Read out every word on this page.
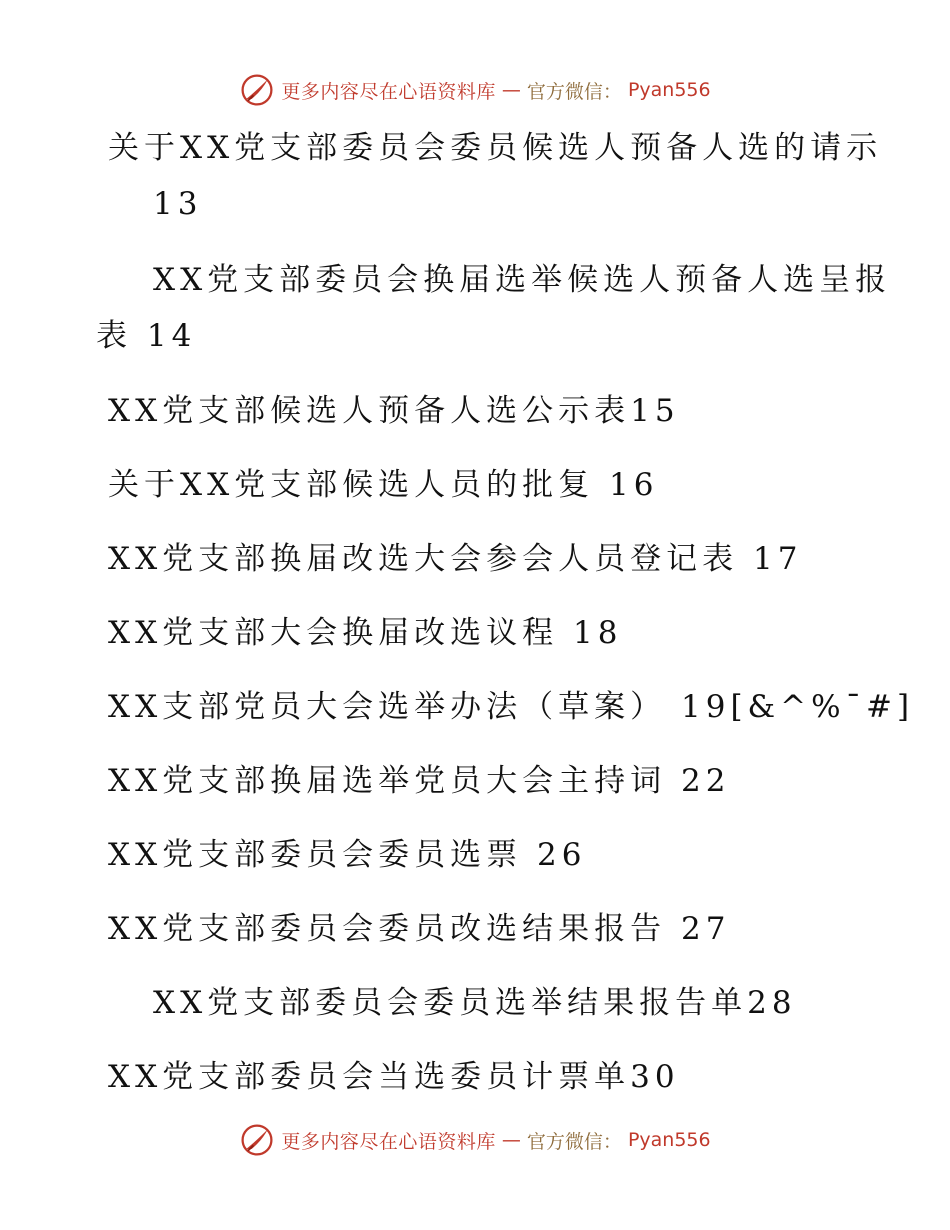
更多内容尽在心语资料库 — 官方微信： Pyan556
关于XX党支部委员会委员候选人预备人选的请示
13
XX党支部委员会换届选举候选人预备人选呈报
表 14
XX党支部候选人预备人选公示表15
关于XX党支部候选人员的批复 16
XX党支部换届改选大会参会人员登记表 17
XX党支部大会换届改选议程 18
XX支部党员大会选举办法（草案） 19[&^%¯#]
XX党支部换届选举党员大会主持词 22
XX党支部委员会委员选票 26
XX党支部委员会委员改选结果报告 27
XX党支部委员会委员选举结果报告单28
XX党支部委员会当选委员计票单30
更多内容尽在心语资料库 — 官方微信： Pyan556
